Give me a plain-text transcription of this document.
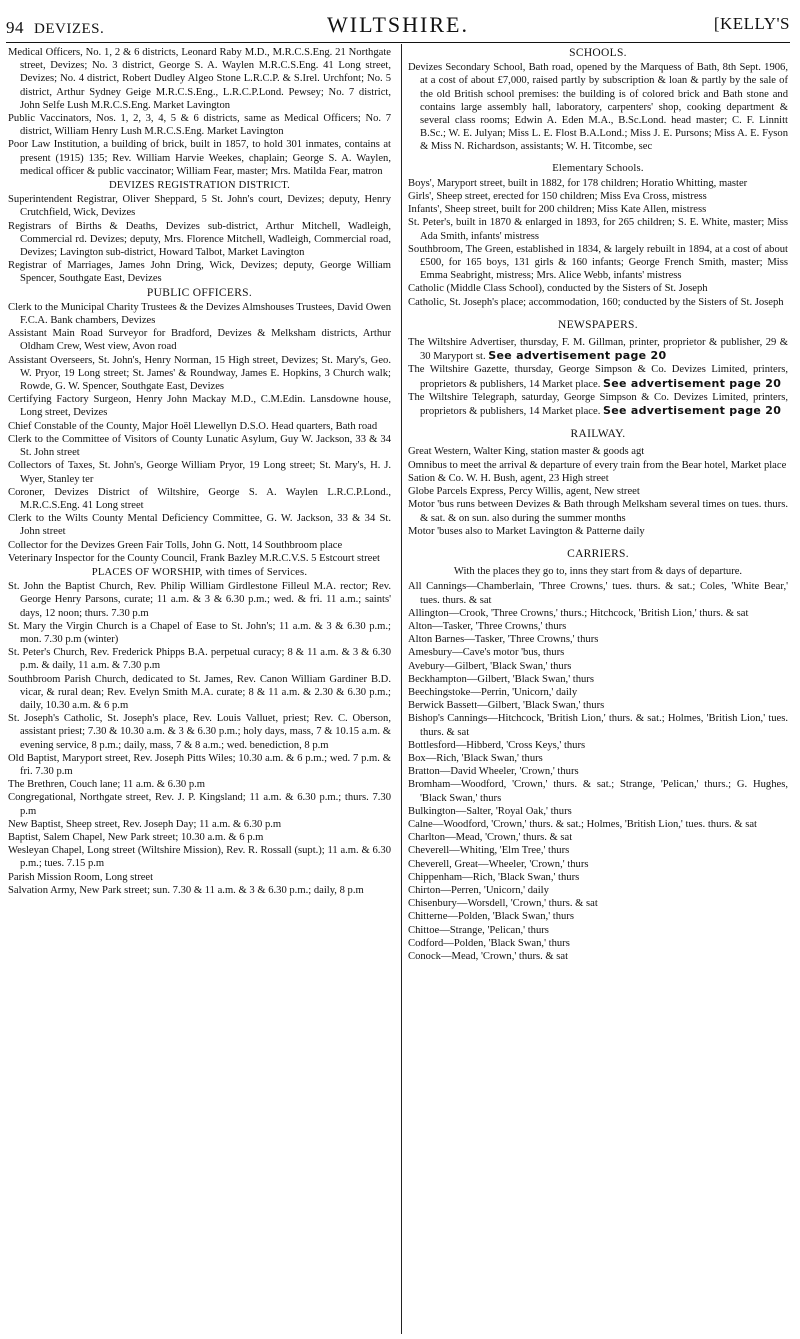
94 DEVIZES.	WILTSHIRE.	[KELLY'S

Medical Officers, No. 1, 2 & 6 districts, Leonard Raby M.D., M.R.C.S.Eng. 21 Northgate street, Devizes; No. 3 district, George S. A. Waylen M.R.C.S.Eng. 41 Long street, Devizes; No. 4 district, Robert Dudley Algeo Stone L.R.C.P. & S.Irel. Urchfont; No. 5 district, Arthur Sydney Geige M.R.C.S.Eng., L.R.C.P.Lond. Pewsey; No. 7 district, John Selfe Lush M.R.C.S.Eng. Market Lavington

Public Vaccinators, Nos. 1, 2, 3, 4, 5 & 6 districts, same as Medical Officers; No. 7 district, William Henry Lush M.R.C.S.Eng. Market Lavington

Poor Law Institution, a building of brick, built in 1857, to hold 301 inmates, contains at present (1915) 135; Rev. William Harvie Weekes, chaplain; George S. A. Waylen, medical officer & public vaccinator; William Fear, master; Mrs. Matilda Fear, matron

DEVIZES REGISTRATION DISTRICT.

Superintendent Registrar, Oliver Sheppard, 5 St. John's court, Devizes; deputy, Henry Crutchfield, Wick, Devizes

Registrars of Births & Deaths, Devizes sub-district, Arthur Mitchell, Wadleigh, Commercial rd. Devizes; deputy, Mrs. Florence Mitchell, Wadleigh, Commercial road, Devizes; Lavington sub-district, Howard Talbot, Market Lavington

Registrar of Marriages, James John Dring, Wick, Devizes; deputy, George William Spencer, Southgate East, Devizes

PUBLIC OFFICERS.

Clerk to the Municipal Charity Trustees & the Devizes Almshouses Trustees, David Owen F.C.A. Bank chambers, Devizes

Assistant Main Road Surveyor for Bradford, Devizes & Melksham districts, Arthur Oldham Crew, West view, Avon road

Assistant Overseers, St. John's, Henry Norman, 15 High street, Devizes; St. Mary's, Geo. W. Pryor, 19 Long street; St. James' & Roundway, James E. Hopkins, 3 Church walk; Rowde, G. W. Spencer, Southgate East, Devizes

Certifying Factory Surgeon, Henry John Mackay M.D., C.M.Edin. Lansdowne house, Long street, Devizes

Chief Constable of the County, Major Hoël Llewellyn D.S.O. Head quarters, Bath road

Clerk to the Committee of Visitors of County Lunatic Asylum, Guy W. Jackson, 33 & 34 St. John street

Collectors of Taxes, St. John's, George William Pryor, 19 Long street; St. Mary's, H. J. Wyer, Stanley ter

Coroner, Devizes District of Wiltshire, George S. A. Waylen L.R.C.P.Lond., M.R.C.S.Eng. 41 Long street

Clerk to the Wilts County Mental Deficiency Committee, G. W. Jackson, 33 & 34 St. John street

Collector for the Devizes Green Fair Tolls, John G. Nott, 14 Southbroom place

Veterinary Inspector for the County Council, Frank Bazley M.R.C.V.S. 5 Estcourt street

PLACES OF WORSHIP, with times of Services.

St. John the Baptist Church, Rev. Philip William Girdlestone Filleul M.A. rector; Rev. George Henry Parsons, curate; 11 a.m. & 3 & 6.30 p.m.; wed. & fri. 11 a.m.; saints' days, 12 noon; thurs. 7.30 p.m

St. Mary the Virgin Church is a Chapel of Ease to St. John's; 11 a.m. & 3 & 6.30 p.m.; mon. 7.30 p.m (winter)

St. Peter's Church, Rev. Frederick Phipps B.A. perpetual curacy; 8 & 11 a.m. & 3 & 6.30 p.m. & daily, 11 a.m. & 7.30 p.m

Southbroom Parish Church, dedicated to St. James, Rev. Canon William Gardiner B.D. vicar, & rural dean; Rev. Evelyn Smith M.A. curate; 8 & 11 a.m. & 2.30 & 6.30 p.m.; daily, 10.30 a.m. & 6 p.m

St. Joseph's Catholic, St. Joseph's place, Rev. Louis Valluet, priest; Rev. C. Oberson, assistant priest; 7.30 & 10.30 a.m. & 3 & 6.30 p.m.; holy days, mass, 7 & 10.15 a.m. & evening service, 8 p.m.; daily, mass, 7 & 8 a.m.; wed. benediction, 8 p.m

Old Baptist, Maryport street, Rev. Joseph Pitts Wiles; 10.30 a.m. & 6 p.m.; wed. 7 p.m. & fri. 7.30 p.m

The Brethren, Couch lane; 11 a.m. & 6.30 p.m

Congregational, Northgate street, Rev. J. P. Kingsland; 11 a.m. & 6.30 p.m.; thurs. 7.30 p.m

New Baptist, Sheep street, Rev. Joseph Day; 11 a.m. & 6.30 p.m

Baptist, Salem Chapel, New Park street; 10.30 a.m. & 6 p.m

Wesleyan Chapel, Long street (Wiltshire Mission), Rev. R. Rossall (supt.); 11 a.m. & 6.30 p.m.; tues. 7.15 p.m

Parish Mission Room, Long street

Salvation Army, New Park street; sun. 7.30 & 11 a.m. & 3 & 6.30 p.m.; daily, 8 p.m

SCHOOLS.

Devizes Secondary School, Bath road, opened by the Marquess of Bath, 8th Sept. 1906, at a cost of about £7,000, raised partly by subscription & loan & partly by the sale of the old British school premises: the building is of colored brick and Bath stone and contains large assembly hall, laboratory, carpenters' shop, cooking department & several class rooms; Edwin A. Eden M.A., B.Sc.Lond. head master; C. F. Linnitt B.Sc.; W. E. Julyan; Miss L. E. Flost B.A.Lond.; Miss J. E. Pursons; Miss A. E. Fyson & Miss N. Richardson, assistants; W. H. Titcombe, sec

Elementary Schools.

Boys', Maryport street, built in 1882, for 178 children; Horatio Whitting, master

Girls', Sheep street, erected for 150 children; Miss Eva Cross, mistress

Infants', Sheep street, built for 200 children; Miss Kate Allen, mistress

St. Peter's, built in 1870 & enlarged in 1893, for 265 children; S. E. White, master; Miss Ada Smith, infants' mistress

Southbroom, The Green, established in 1834, & largely rebuilt in 1894, at a cost of about £500, for 165 boys, 131 girls & 160 infants; George French Smith, master; Miss Emma Seabright, mistress; Mrs. Alice Webb, infants' mistress

Catholic (Middle Class School), conducted by the Sisters of St. Joseph

Catholic, St. Joseph's place; accommodation, 160; conducted by the Sisters of St. Joseph

NEWSPAPERS.

The Wiltshire Advertiser, thursday, F. M. Gillman, printer, proprietor & publisher, 29 & 30 Maryport st. See advertisement page 20

The Wiltshire Gazette, thursday, George Simpson & Co. Devizes Limited, printers, proprietors & publishers, 14 Market place. See advertisement page 20

The Wiltshire Telegraph, saturday, George Simpson & Co. Devizes Limited, printers, proprietors & publishers, 14 Market place. See advertisement page 20

RAILWAY.

Great Western, Walter King, station master & goods agt

Omnibus to meet the arrival & departure of every train from the Bear hotel, Market place

Sation & Co. W. H. Bush, agent, 23 High street

Globe Parcels Express, Percy Willis, agent, New street

Motor 'bus runs between Devizes & Bath through Melksham several times on tues. thurs. & sat. & on sun. also during the summer months

Motor 'buses also to Market Lavington & Patterne daily

CARRIERS.

With the places they go to, inns they start from & days of departure.

All Cannings—Chamberlain, 'Three Crowns,' tues. thurs. & sat.; Coles, 'White Bear,' tues. thurs. & sat

Allington—Crook, 'Three Crowns,' thurs.; Hitchcock, 'British Lion,' thurs. & sat

Alton—Tasker, 'Three Crowns,' thurs

Alton Barnes—Tasker, 'Three Crowns,' thurs

Amesbury—Cave's motor 'bus, thurs

Avebury—Gilbert, 'Black Swan,' thurs

Beckhampton—Gilbert, 'Black Swan,' thurs

Beechingstoke—Perrin, 'Unicorn,' daily

Berwick Bassett—Gilbert, 'Black Swan,' thurs

Bishop's Cannings—Hitchcock, 'British Lion,' thurs. & sat.; Holmes, 'British Lion,' tues. thurs. & sat

Bottlesford—Hibberd, 'Cross Keys,' thurs

Box—Rich, 'Black Swan,' thurs

Bratton—David Wheeler, 'Crown,' thurs

Bromham—Woodford, 'Crown,' thurs. & sat.; Strange, 'Pelican,' thurs.; G. Hughes, 'Black Swan,' thurs

Bulkington—Salter, 'Royal Oak,' thurs

Calne—Woodford, 'Crown,' thurs. & sat.; Holmes, 'British Lion,' tues. thurs. & sat

Charlton—Mead, 'Crown,' thurs. & sat

Cheverell—Whiting, 'Elm Tree,' thurs

Cheverell, Great—Wheeler, 'Crown,' thurs

Chippenham—Rich, 'Black Swan,' thurs

Chirton—Perren, 'Unicorn,' daily

Chisenbury—Worsdell, 'Crown,' thurs. & sat

Chitterne—Polden, 'Black Swan,' thurs

Chittoe—Strange, 'Pelican,' thurs

Codford—Polden, 'Black Swan,' thurs

Conock—Mead, 'Crown,' thurs. & sat
